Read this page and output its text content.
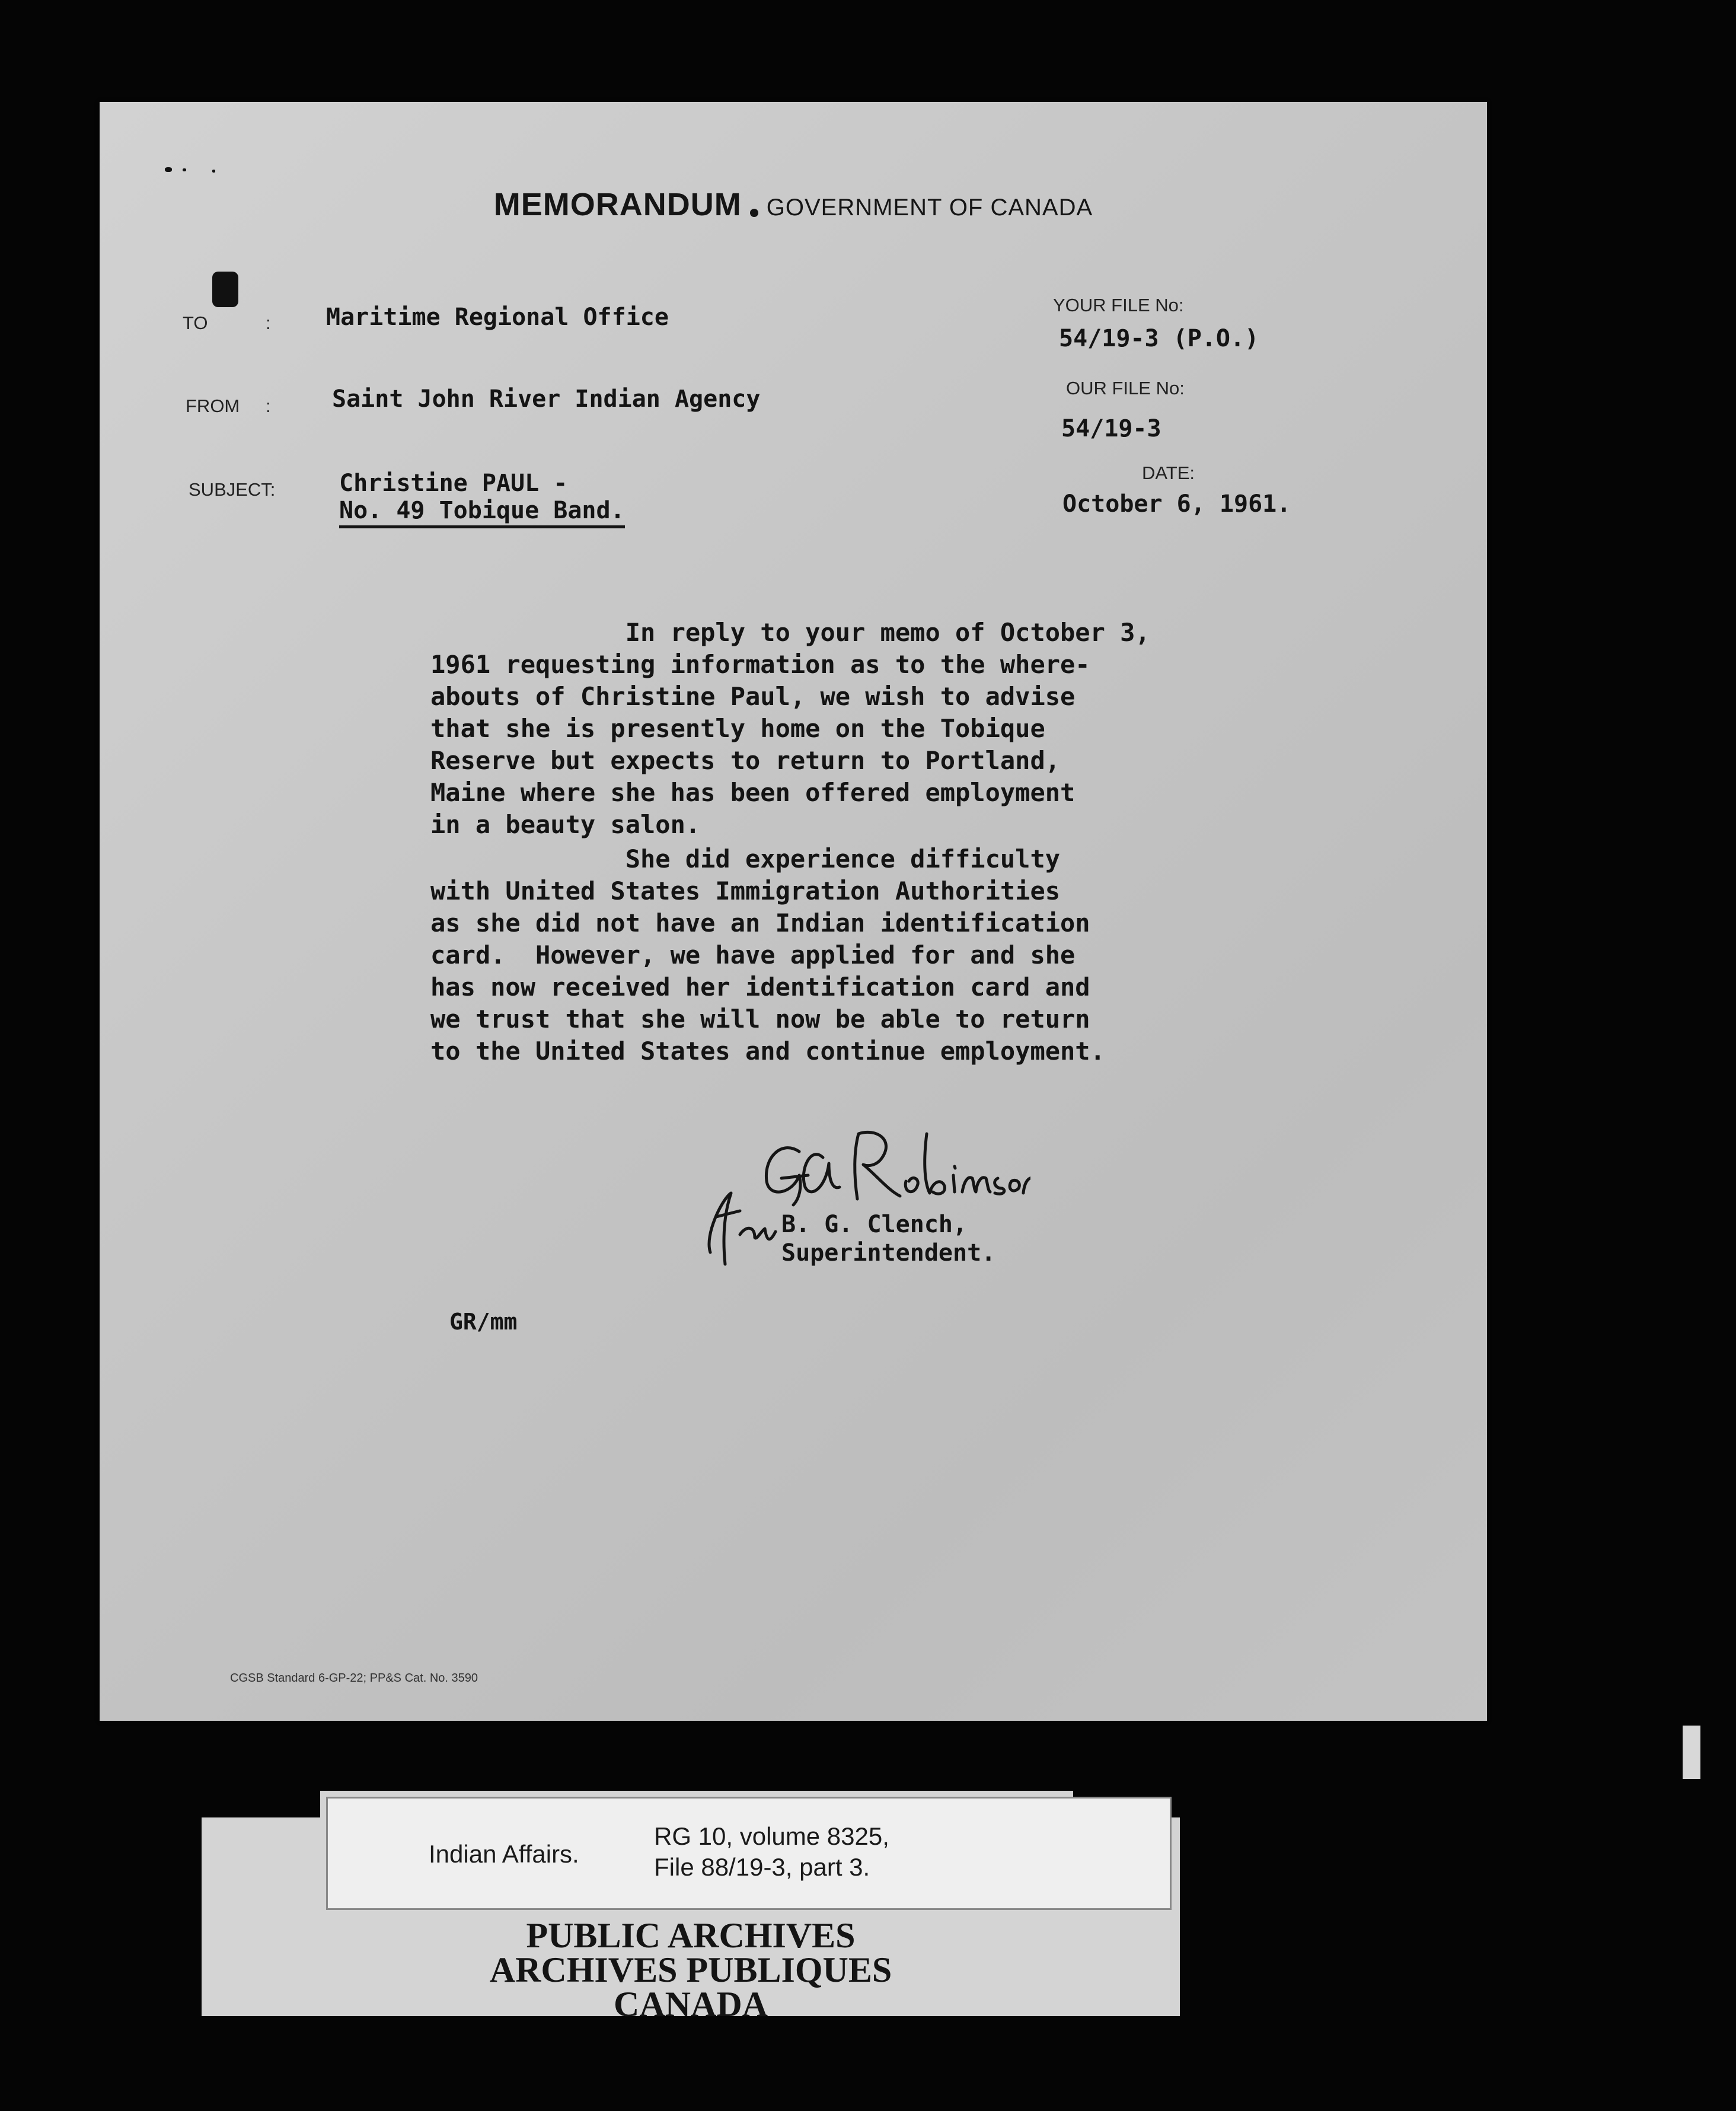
MEMORANDUM GOVERNMENT OF CANADA
TO	: Maritime Regional Office
FROM :	Saint John River Indian Agency
SUBJECT:	Christine PAUL -
No. 49 Tobique Band.
YOUR FILE No:
54/19-3 (P.O.)
OUR FILE No:
54/19-3
DATE:
October 6, 1961.
In reply to your memo of October 3,
1961 requesting information as to the where-
abouts of Christine Paul, we wish to advise
that she is presently home on the Tobique
Reserve but expects to return to Portland,
Maine where she has been offered employment
in a beauty salon.
She did experience difficulty
with United States Immigration Authorities
as she did not have an Indian identification
card.  However, we have applied for and she
has now received her identification card and
we trust that she will now be able to return
to the United States and continue employment.
B. G. Clench,
Superintendent.
GR/mm
CGSB Standard 6-GP-22; PP&S Cat. No. 3590
Indian Affairs.
RG 10, volume 8325,
File 88/19-3, part 3.
PUBLIC ARCHIVES
ARCHIVES PUBLIQUES
CANADA
